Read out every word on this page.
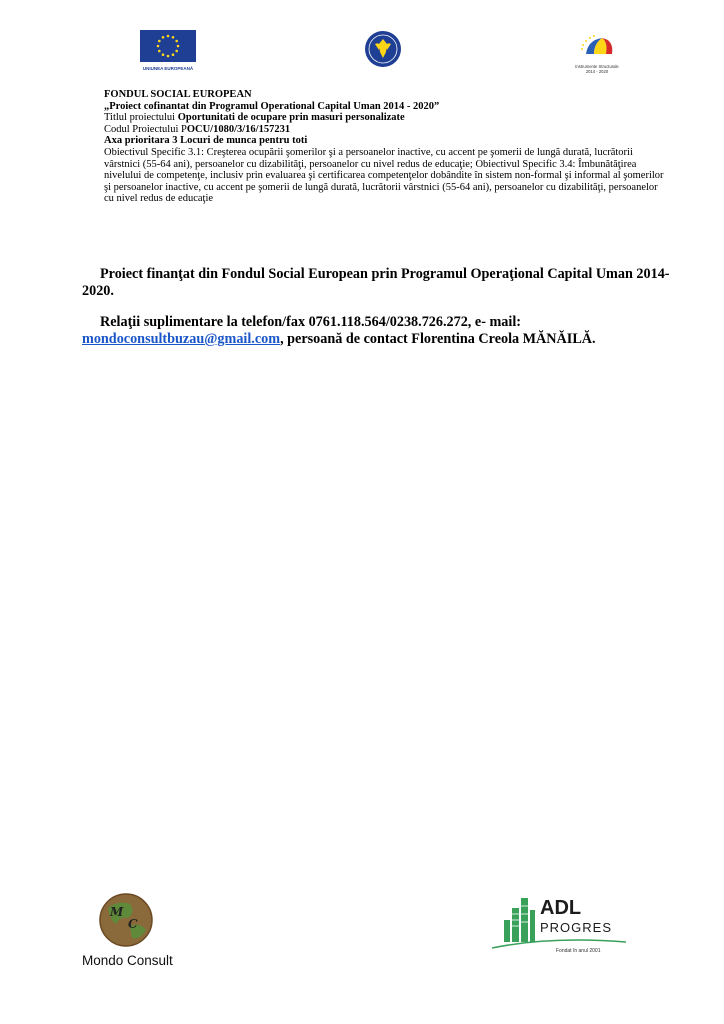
UNIUNEA EUROPEANĂ	Instrumente Structurale
2014 - 2020

FONDUL SOCIAL EUROPEAN

„Proiect cofinantat din Programul Operational Capital Uman 2014 - 2020”

Titlul proiectului Oportunitati de ocupare prin masuri personalizate

Codul Proiectului POCU/1080/3/16/157231

Axa prioritara 3 Locuri de munca pentru toti

Obiectivul Specific 3.1: Creşterea ocupării şomerilor şi a persoanelor inactive, cu accent pe şomerii de lungă durată, lucrătorii vârstnici (55-64 ani), persoanelor cu dizabilităţi, persoanelor cu nivel redus de educaţie; Obiectivul Specific 3.4: Îmbunătăţirea nivelului de competenţe, inclusiv prin evaluarea şi certificarea competenţelor dobândite în sistem non-formal şi informal al şomerilor şi persoanelor inactive, cu accent pe şomerii de lungă durată, lucrătorii vârstnici (55-64 ani), persoanelor cu dizabilităţi, persoanelor cu nivel redus de educaţie

Proiect finanţat din Fondul Social European prin Programul Operaţional Capital Uman 2014-2020.

Relaţii suplimentare la telefon/fax 0761.118.564/0238.726.272, e- mail: mondoconsultbuzau@gmail.com, persoană de contact Florentina Creola MĂNĂILĂ.

M
C
Mondo Consult
ADL
PROGRES
Fondat în anul 2001
